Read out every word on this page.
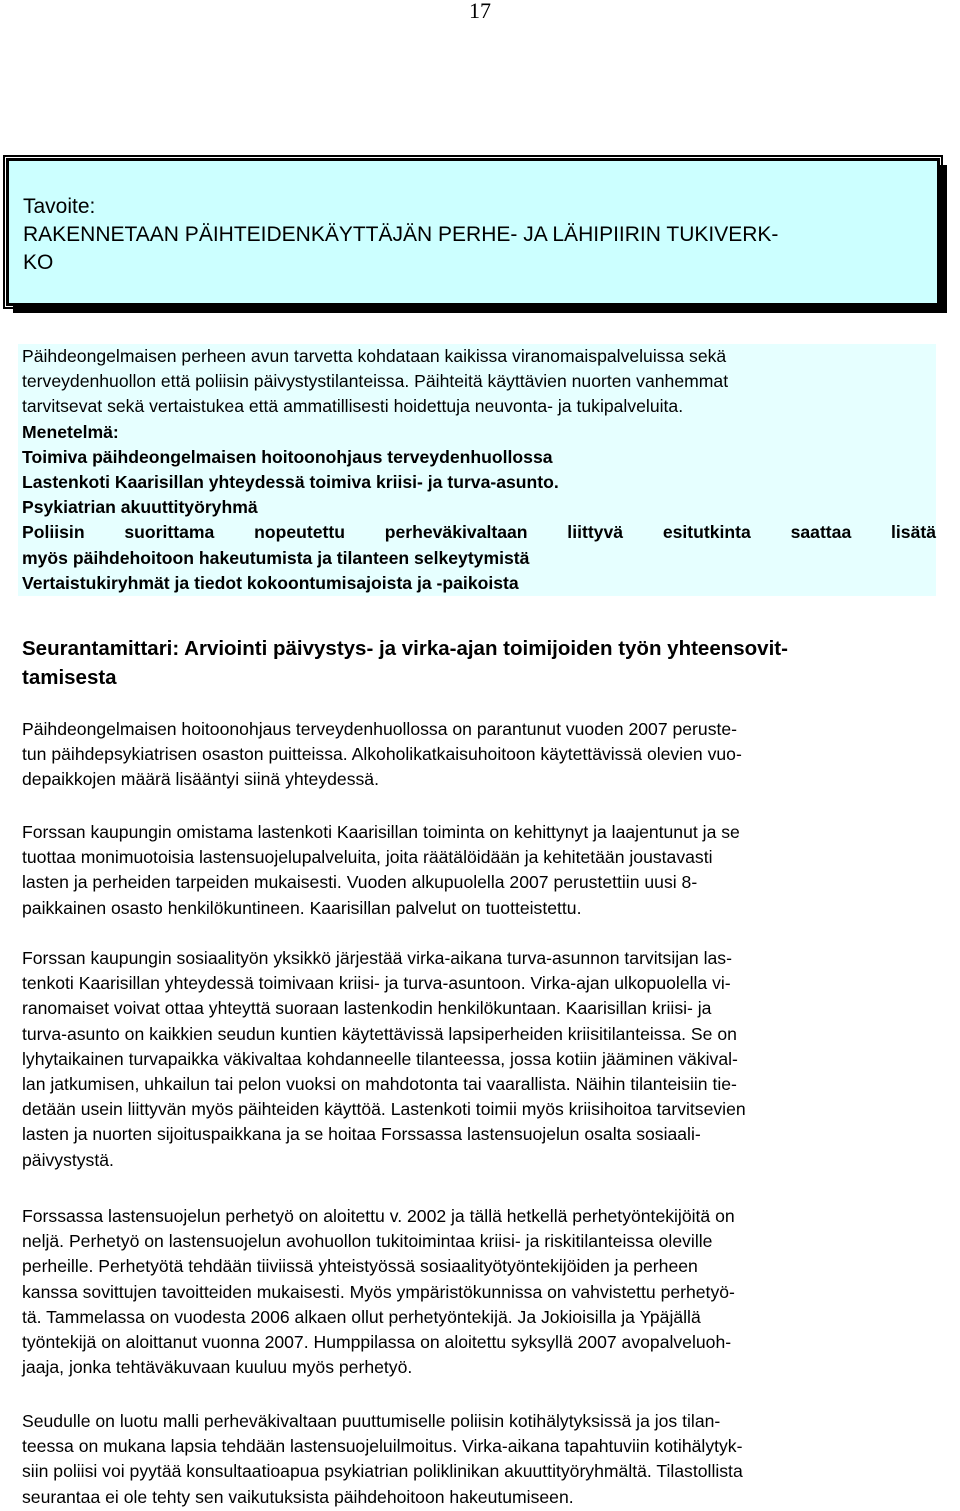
17
Tavoite:
RAKENNETAAN PÄIHTEIDENKÄYTTÄJÄN PERHE- JA LÄHIPIIRIN TUKIVERK-
KO
Päihdeongelmaisen perheen avun tarvetta kohdataan kaikissa viranomaispalveluissa sekä
terveydenhuollon että poliisin päivystystilanteissa. Päihteitä käyttävien nuorten vanhemmat
tarvitsevat sekä vertaistukea että ammatillisesti hoidettuja neuvonta- ja tukipalveluita.
Menetelmä:
Toimiva päihdeongelmaisen hoitoonohjaus terveydenhuollossa
Lastenkoti Kaarisillan yhteydessä toimiva kriisi- ja turva-asunto.
Psykiatrian akuuttityöryhmä
Poliisin suorittama nopeutettu perheväkivaltaan liittyvä esitutkinta saattaa lisätä
myös päihdehoitoon hakeutumista ja tilanteen selkeytymistä
Vertaistukiryhmät ja tiedot kokoontumisajoista ja -paikoista
Seurantamittari: Arviointi päivystys- ja virka-ajan toimijoiden työn yhteensovit-
tamisesta
Päihdeongelmaisen hoitoonohjaus terveydenhuollossa on parantunut vuoden 2007 peruste-
tun päihdepsykiatrisen osaston puitteissa. Alkoholikatkaisuhoitoon käytettävissä olevien vuo-
depaikkojen määrä lisääntyi siinä yhteydessä.
Forssan kaupungin omistama lastenkoti Kaarisillan toiminta on kehittynyt ja laajentunut ja se
tuottaa monimuotoisia lastensuojelupalveluita, joita räätälöidään ja kehitetään joustavasti
lasten ja perheiden tarpeiden mukaisesti. Vuoden alkupuolella 2007 perustettiin uusi 8-
paikkainen osasto henkilökuntineen. Kaarisillan palvelut on tuotteistettu.
Forssan kaupungin sosiaalityön yksikkö järjestää virka-aikana turva-asunnon tarvitsijan las-
tenkoti Kaarisillan yhteydessä toimivaan kriisi- ja turva-asuntoon. Virka-ajan ulkopuolella vi-
ranomaiset voivat ottaa yhteyttä suoraan lastenkodin henkilökuntaan. Kaarisillan kriisi- ja
turva-asunto on kaikkien seudun kuntien käytettävissä lapsiperheiden kriisitilanteissa. Se on
lyhytaikainen turvapaikka väkivaltaa kohdanneelle tilanteessa, jossa kotiin jääminen väkival-
lan jatkumisen, uhkailun tai pelon vuoksi on mahdotonta tai vaarallista. Näihin tilanteisiin tie-
detään usein liittyvän myös päihteiden käyttöä. Lastenkoti toimii myös kriisihoitoa tarvitsevien
lasten ja nuorten sijoituspaikkana ja se hoitaa Forssassa lastensuojelun osalta sosiaali-
päivystystä.
Forssassa lastensuojelun perhetyö on aloitettu v. 2002 ja tällä hetkellä perhetyöntekijöitä on
neljä. Perhetyö on lastensuojelun avohuollon tukitoimintaa kriisi- ja riskitilanteissa oleville
perheille. Perhetyötä tehdään tiiviissä yhteistyössä sosiaalityötyöntekijöiden ja perheen
kanssa sovittujen tavoitteiden mukaisesti. Myös ympäristökunnissa on vahvistettu perhetyö-
tä. Tammelassa on vuodesta 2006 alkaen ollut perhetyöntekijä. Ja Jokioisilla ja Ypäjällä
työntekijä on aloittanut vuonna 2007. Humppilassa on aloitettu syksyllä 2007 avopalveluoh-
jaaja, jonka tehtäväkuvaan kuuluu myös perhetyö.
Seudulle on luotu malli perheväkivaltaan puuttumiselle poliisin kotihälytyksissä ja jos tilan-
teessa on mukana lapsia tehdään lastensuojeluilmoitus. Virka-aikana tapahtuviin kotihälytyk-
siin poliisi voi pyytää konsultaatioapua psykiatrian poliklinikan akuuttityöryhmältä. Tilastollista
seurantaa ei ole tehty sen vaikutuksista päihdehoitoon hakeutumiseen.
